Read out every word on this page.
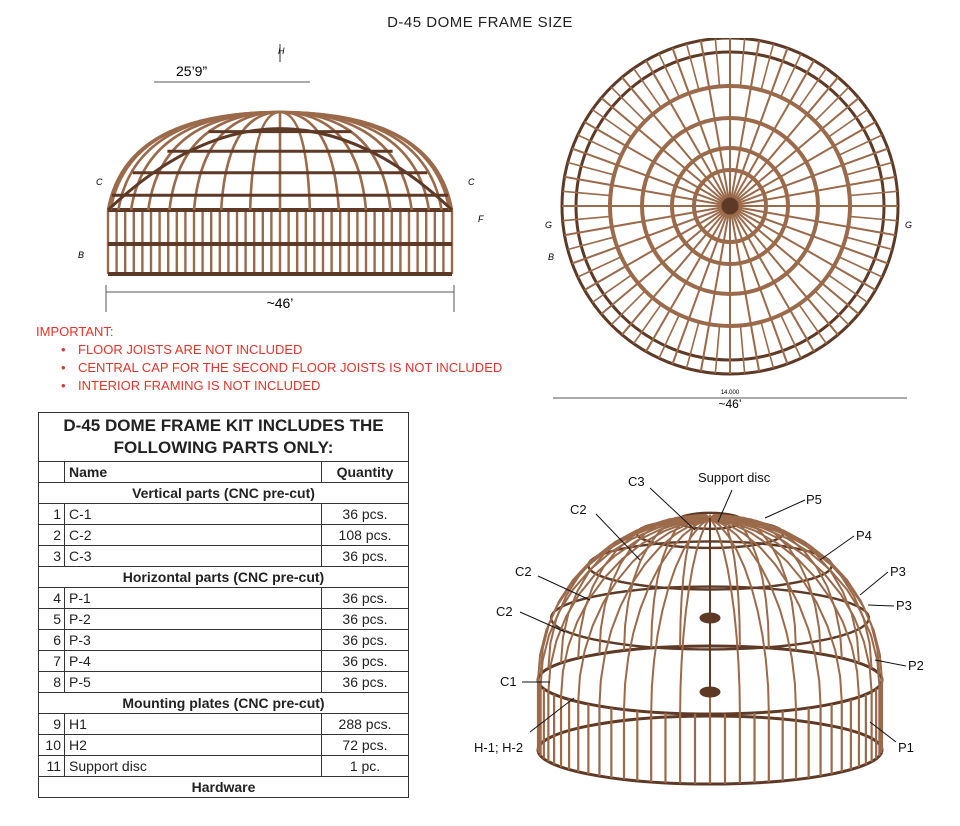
D-45 DOME FRAME SIZE
~46’
25’9”
H
C	C
B
F
14.000
~46’
G	G
B
IMPORTANT:
• FLOOR JOISTS ARE NOT INCLUDED
• CENTRAL CAP FOR THE SECOND FLOOR JOISTS IS NOT INCLUDED
• INTERIOR FRAMING IS NOT INCLUDED
D-45 DOME FRAME KIT INCLUDES THE FOLLOWING PARTS ONLY:		
	Name	Quantity
Vertical parts (CNC pre-cut)		
1	C-1	36 pcs.
2	C-2	108 pcs.
3	C-3	36 pcs.
Horizontal parts (CNC pre-cut)		
4	P-1	36 pcs.
5	P-2	36 pcs.
6	P-3	36 pcs.
7	P-4	36 pcs.
8	P-5	36 pcs.
Mounting plates (CNC pre-cut)		
9	H1	288 pcs.
10	H2	72 pcs.
11	Support disc	1 pc.
Hardware		
C3	Support disc
P5
C2
P4
C2	P3
C2	P3
P2
C1
H-1; H-2	P1
